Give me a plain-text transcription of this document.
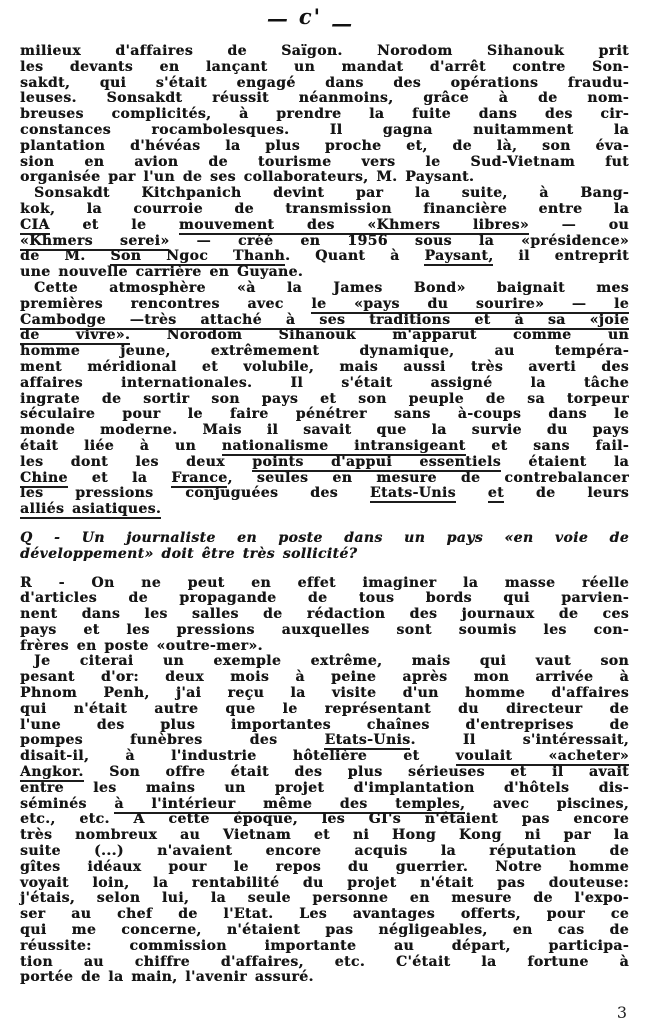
— c' —
milieux d'affaires de Saïgon. Norodom Sihanouk prit
les devants en lançant un mandat d'arrêt contre Son-
sakdt, qui s'était engagé dans des opérations fraudu-
leuses. Sonsakdt réussit néanmoins, grâce à de nom-
breuses complicités, à prendre la fuite dans des cir-
constances rocambolesques. Il gagna nuitamment la
plantation d'hévéas la plus proche et, de là, son éva-
sion en avion de tourisme vers le Sud-Vietnam fut
organisée par l'un de ses collaborateurs, M. Paysant.
Sonsakdt Kitchpanich devint par la suite, à Bang-
kok, la courroie de transmission financière entre la
CIA et le mouvement des «Khmers libres» — ou
«Khmers serei» — créé en 1956 sous la «présidence»
de M. Son Ngoc Thanh. Quant à Paysant, il entreprit
une nouvelle carrière en Guyane.
Cette atmosphère «à la James Bond» baignait mes
premières rencontres avec le «pays du sourire» — le
Cambodge —très attaché à ses traditions et à sa «joie
de vivre». Norodom Sihanouk m'apparut comme un
homme jeune, extrêmement dynamique, au tempéra-
ment méridional et volubile, mais aussi très averti des
affaires internationales. Il s'était assigné la tâche
ingrate de sortir son pays et son peuple de sa torpeur
séculaire pour le faire pénétrer sans à-coups dans le
monde moderne. Mais il savait que la survie du pays
était liée à un nationalisme intransigeant et sans fail-
les dont les deux points d'appui essentiels étaient la
Chine et la France, seules en mesure de contrebalancer
les pressions conjuguées des Etats-Unis et de leurs
alliés asiatiques.
Q - Un journaliste en poste dans un pays «en voie de
développement» doit être très sollicité?
R - On ne peut en effet imaginer la masse réelle
d'articles de propagande de tous bords qui parvien-
nent dans les salles de rédaction des journaux de ces
pays et les pressions auxquelles sont soumis les con-
frères en poste «outre-mer».
Je citerai un exemple extrême, mais qui vaut son
pesant d'or: deux mois à peine après mon arrivée à
Phnom Penh, j'ai reçu la visite d'un homme d'affaires
qui n'était autre que le représentant du directeur de
l'une des plus importantes chaînes d'entreprises de
pompes funèbres des Etats-Unis. Il s'intéressait,
disait-il, à l'industrie hôtelière et voulait «acheter»
Angkor. Son offre était des plus sérieuses et il avait
entre les mains un projet d'implantation d'hôtels dis-
séminés à l'intérieur même des temples, avec piscines,
etc., etc. A cette époque, les GI's n'étaient pas encore
très nombreux au Vietnam et ni Hong Kong ni par la
suite (...) n'avaient encore acquis la réputation de
gîtes idéaux pour le repos du guerrier. Notre homme
voyait loin, la rentabilité du projet n'était pas douteuse:
j'étais, selon lui, la seule personne en mesure de l'expo-
ser au chef de l'Etat. Les avantages offerts, pour ce
qui me concerne, n'étaient pas négligeables, en cas de
réussite: commission importante au départ, participa-
tion au chiffre d'affaires, etc. C'était la fortune à
portée de la main, l'avenir assuré.
3
